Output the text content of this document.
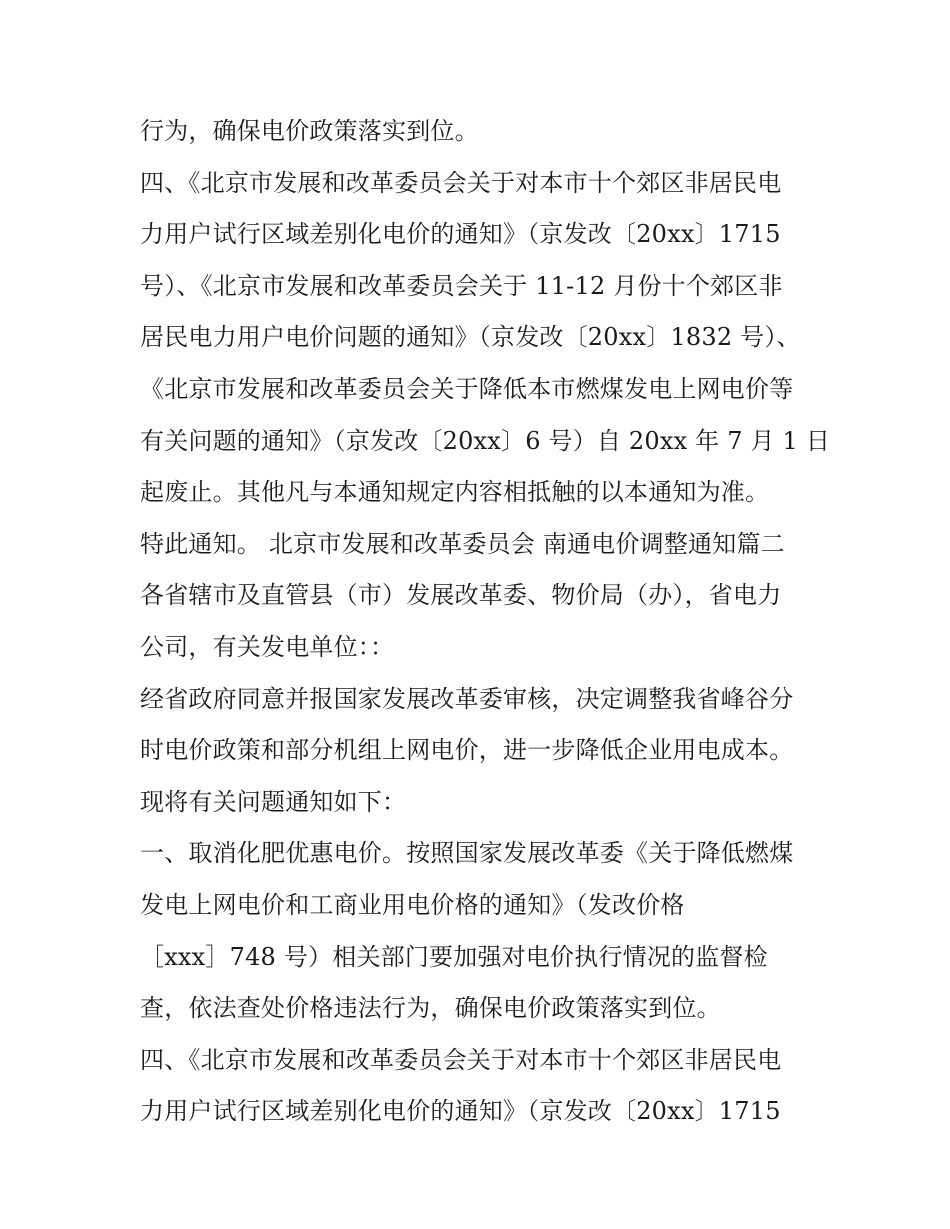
行为，确保电价政策落实到位。
四、《北京市发展和改革委员会关于对本市十个郊区非居民电
力用户试行区域差别化电价的通知》（京发改〔20xx〕1715
号）、《北京市发展和改革委员会关于 11-12 月份十个郊区非
居民电力用户电价问题的通知》（京发改〔20xx〕1832 号）、
《北京市发展和改革委员会关于降低本市燃煤发电上网电价等
有关问题的通知》（京发改〔20xx〕6 号）自 20xx 年 7 月 1 日
起废止。其他凡与本通知规定内容相抵触的以本通知为准。
特此通知。 北京市发展和改革委员会 南通电价调整通知篇二
各省辖市及直管县（市）发展改革委、物价局（办），省电力
公司，有关发电单位：：
经省政府同意并报国家发展改革委审核，决定调整我省峰谷分
时电价政策和部分机组上网电价，进一步降低企业用电成本。
现将有关问题通知如下：
一、取消化肥优惠电价。按照国家发展改革委《关于降低燃煤
发电上网电价和工商业用电价格的通知》（发改价格
［xxx］748 号）相关部门要加强对电价执行情况的监督检
查，依法查处价格违法行为，确保电价政策落实到位。
四、《北京市发展和改革委员会关于对本市十个郊区非居民电
力用户试行区域差别化电价的通知》（京发改〔20xx〕1715
